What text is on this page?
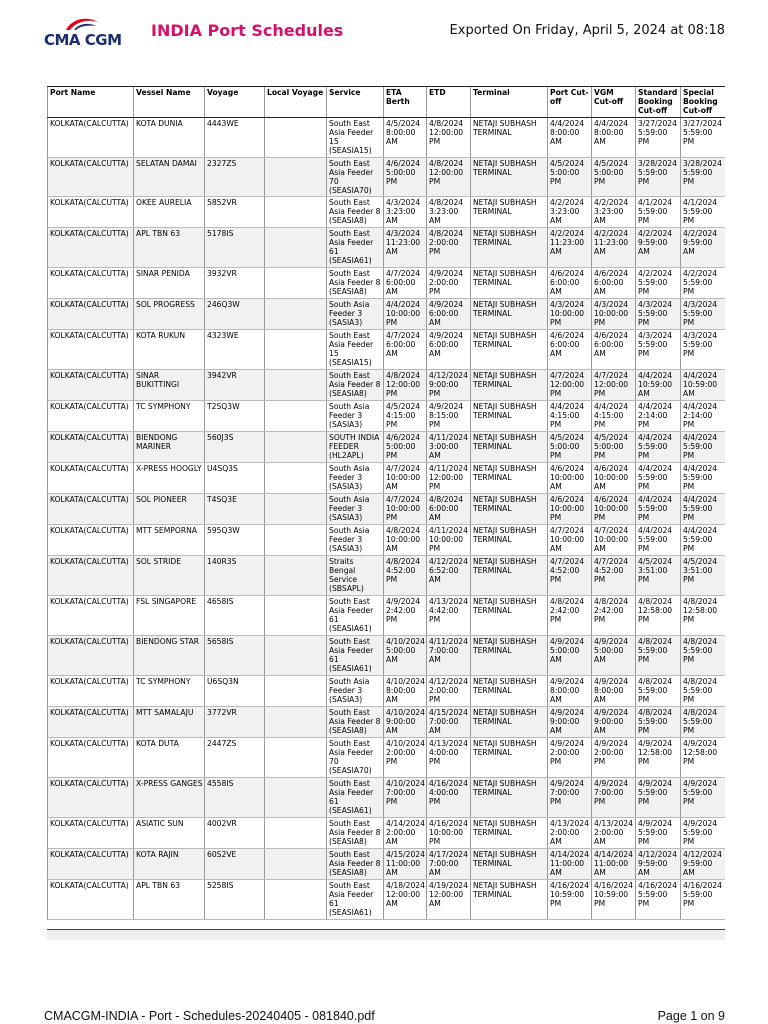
CMA CGM INDIA Port Schedules	Exported On Friday, April 5, 2024 at 08:18
Port Name	Vessel Name	Voyage	Local Voyage	Service	ETA Berth	ETD	Terminal	Port Cut-off	VGM Cut-off	Standard Booking Cut-off	Special Booking Cut-off
KOLKATA(CALCUTTA)	KOTA DUNIA	4443WE		South East Asia Feeder 15 (SEASIA15)	4/5/2024 8:00:00 AM	4/8/2024 12:00:00 PM	NETAJI SUBHASH TERMINAL	4/4/2024 8:00:00 AM	4/4/2024 8:00:00 AM	3/27/2024 5:59:00 PM	3/27/2024 5:59:00 PM
KOLKATA(CALCUTTA)	SELATAN DAMAI	2327ZS		South East Asia Feeder 70 (SEASIA70)	4/6/2024 5:00:00 PM	4/8/2024 12:00:00 PM	NETAJI SUBHASH TERMINAL	4/5/2024 5:00:00 PM	4/5/2024 5:00:00 PM	3/28/2024 5:59:00 PM	3/28/2024 5:59:00 PM
KOLKATA(CALCUTTA)	OKEE AURELIA	5852VR		South East Asia Feeder 8 (SEASIA8)	4/3/2024 3:23:00 AM	4/8/2024 3:23:00 AM	NETAJI SUBHASH TERMINAL	4/2/2024 3:23:00 AM	4/2/2024 3:23:00 AM	4/1/2024 5:59:00 PM	4/1/2024 5:59:00 PM
KOLKATA(CALCUTTA)	APL TBN 63	5178IS		South East Asia Feeder 61 (SEASIA61)	4/3/2024 11:23:00 AM	4/8/2024 2:00:00 PM	NETAJI SUBHASH TERMINAL	4/2/2024 11:23:00 AM	4/2/2024 11:23:00 AM	4/2/2024 9:59:00 AM	4/2/2024 9:59:00 AM
KOLKATA(CALCUTTA)	SINAR PENIDA	3932VR		South East Asia Feeder 8 (SEASIA8)	4/7/2024 6:00:00 AM	4/9/2024 2:00:00 PM	NETAJI SUBHASH TERMINAL	4/6/2024 6:00:00 AM	4/6/2024 6:00:00 AM	4/2/2024 5:59:00 PM	4/2/2024 5:59:00 PM
KOLKATA(CALCUTTA)	SOL PROGRESS	246Q3W		South Asia Feeder 3 (SASIA3)	4/4/2024 10:00:00 PM	4/9/2024 6:00:00 AM	NETAJI SUBHASH TERMINAL	4/3/2024 10:00:00 PM	4/3/2024 10:00:00 PM	4/3/2024 5:59:00 PM	4/3/2024 5:59:00 PM
KOLKATA(CALCUTTA)	KOTA RUKUN	4323WE		South East Asia Feeder 15 (SEASIA15)	4/7/2024 6:00:00 AM	4/9/2024 6:00:00 AM	NETAJI SUBHASH TERMINAL	4/6/2024 6:00:00 AM	4/6/2024 6:00:00 AM	4/3/2024 5:59:00 PM	4/3/2024 5:59:00 PM
KOLKATA(CALCUTTA)	SINAR BUKITTINGI	3942VR		South East Asia Feeder 8 (SEASIA8)	4/8/2024 12:00:00 PM	4/12/2024 9:00:00 PM	NETAJI SUBHASH TERMINAL	4/7/2024 12:00:00 PM	4/7/2024 12:00:00 PM	4/4/2024 10:59:00 AM	4/4/2024 10:59:00 AM
KOLKATA(CALCUTTA)	TC SYMPHONY	T2SQ3W		South Asia Feeder 3 (SASIA3)	4/5/2024 4:15:00 PM	4/9/2024 8:15:00 PM	NETAJI SUBHASH TERMINAL	4/4/2024 4:15:00 PM	4/4/2024 4:15:00 PM	4/4/2024 2:14:00 PM	4/4/2024 2:14:00 PM
KOLKATA(CALCUTTA)	BIENDONG MARINER	560J3S		SOUTH INDIA FEEDER (HL2APL)	4/6/2024 5:00:00 PM	4/11/2024 3:00:00 AM	NETAJI SUBHASH TERMINAL	4/5/2024 5:00:00 PM	4/5/2024 5:00:00 PM	4/4/2024 5:59:00 PM	4/4/2024 5:59:00 PM
KOLKATA(CALCUTTA)	X-PRESS HOOGLY	U4SQ3S		South Asia Feeder 3 (SASIA3)	4/7/2024 10:00:00 AM	4/11/2024 12:00:00 PM	NETAJI SUBHASH TERMINAL	4/6/2024 10:00:00 AM	4/6/2024 10:00:00 AM	4/4/2024 5:59:00 PM	4/4/2024 5:59:00 PM
KOLKATA(CALCUTTA)	SOL PIONEER	T4SQ3E		South Asia Feeder 3 (SASIA3)	4/7/2024 10:00:00 PM	4/8/2024 6:00:00 AM	NETAJI SUBHASH TERMINAL	4/6/2024 10:00:00 PM	4/6/2024 10:00:00 PM	4/4/2024 5:59:00 PM	4/4/2024 5:59:00 PM
KOLKATA(CALCUTTA)	MTT SEMPORNA	595Q3W		South Asia Feeder 3 (SASIA3)	4/8/2024 10:00:00 AM	4/11/2024 10:00:00 PM	NETAJI SUBHASH TERMINAL	4/7/2024 10:00:00 AM	4/7/2024 10:00:00 AM	4/4/2024 5:59:00 PM	4/4/2024 5:59:00 PM
KOLKATA(CALCUTTA)	SOL STRIDE	140R3S		Straits Bengal Service (SBSAPL)	4/8/2024 4:52:00 PM	4/12/2024 6:52:00 AM	NETAJI SUBHASH TERMINAL	4/7/2024 4:52:00 PM	4/7/2024 4:52:00 PM	4/5/2024 3:51:00 PM	4/5/2024 3:51:00 PM
KOLKATA(CALCUTTA)	FSL SINGAPORE	4658IS		South East Asia Feeder 61 (SEASIA61)	4/9/2024 2:42:00 PM	4/13/2024 4:42:00 PM	NETAJI SUBHASH TERMINAL	4/8/2024 2:42:00 PM	4/8/2024 2:42:00 PM	4/8/2024 12:58:00 PM	4/8/2024 12:58:00 PM
KOLKATA(CALCUTTA)	BIENDONG STAR	5658IS		South East Asia Feeder 61 (SEASIA61)	4/10/2024 5:00:00 AM	4/11/2024 7:00:00 AM	NETAJI SUBHASH TERMINAL	4/9/2024 5:00:00 AM	4/9/2024 5:00:00 AM	4/8/2024 5:59:00 PM	4/8/2024 5:59:00 PM
KOLKATA(CALCUTTA)	TC SYMPHONY	U6SQ3N		South Asia Feeder 3 (SASIA3)	4/10/2024 8:00:00 AM	4/12/2024 2:00:00 PM	NETAJI SUBHASH TERMINAL	4/9/2024 8:00:00 AM	4/9/2024 8:00:00 AM	4/8/2024 5:59:00 PM	4/8/2024 5:59:00 PM
KOLKATA(CALCUTTA)	MTT SAMALAJU	3772VR		South East Asia Feeder 8 (SEASIA8)	4/10/2024 9:00:00 AM	4/15/2024 7:00:00 AM	NETAJI SUBHASH TERMINAL	4/9/2024 9:00:00 AM	4/9/2024 9:00:00 AM	4/8/2024 5:59:00 PM	4/8/2024 5:59:00 PM
KOLKATA(CALCUTTA)	KOTA DUTA	2447ZS		South East Asia Feeder 70 (SEASIA70)	4/10/2024 2:00:00 PM	4/13/2024 4:00:00 PM	NETAJI SUBHASH TERMINAL	4/9/2024 2:00:00 PM	4/9/2024 2:00:00 PM	4/9/2024 12:58:00 PM	4/9/2024 12:58:00 PM
KOLKATA(CALCUTTA)	X-PRESS GANGES	4558IS		South East Asia Feeder 61 (SEASIA61)	4/10/2024 7:00:00 PM	4/16/2024 4:00:00 PM	NETAJI SUBHASH TERMINAL	4/9/2024 7:00:00 PM	4/9/2024 7:00:00 PM	4/9/2024 5:59:00 PM	4/9/2024 5:59:00 PM
KOLKATA(CALCUTTA)	ASIATIC SUN	4002VR		South East Asia Feeder 8 (SEASIA8)	4/14/2024 2:00:00 AM	4/16/2024 10:00:00 PM	NETAJI SUBHASH TERMINAL	4/13/2024 2:00:00 AM	4/13/2024 2:00:00 AM	4/9/2024 5:59:00 PM	4/9/2024 5:59:00 PM
KOLKATA(CALCUTTA)	KOTA RAJIN	60S2VE		South East Asia Feeder 8 (SEASIA8)	4/15/2024 11:00:00 AM	4/17/2024 7:00:00 AM	NETAJI SUBHASH TERMINAL	4/14/2024 11:00:00 AM	4/14/2024 11:00:00 AM	4/12/2024 9:59:00 AM	4/12/2024 9:59:00 AM
KOLKATA(CALCUTTA)	APL TBN 63	5258IS		South East Asia Feeder 61 (SEASIA61)	4/18/2024 12:00:00 AM	4/19/2024 12:00:00 AM	NETAJI SUBHASH TERMINAL	4/16/2024 10:59:00 PM	4/16/2024 10:59:00 PM	4/16/2024 5:59:00 PM	4/16/2024 5:59:00 PM
CMACGM-INDIA - Port - Schedules-20240405 - 081840.pdf	Page 1 on 9
